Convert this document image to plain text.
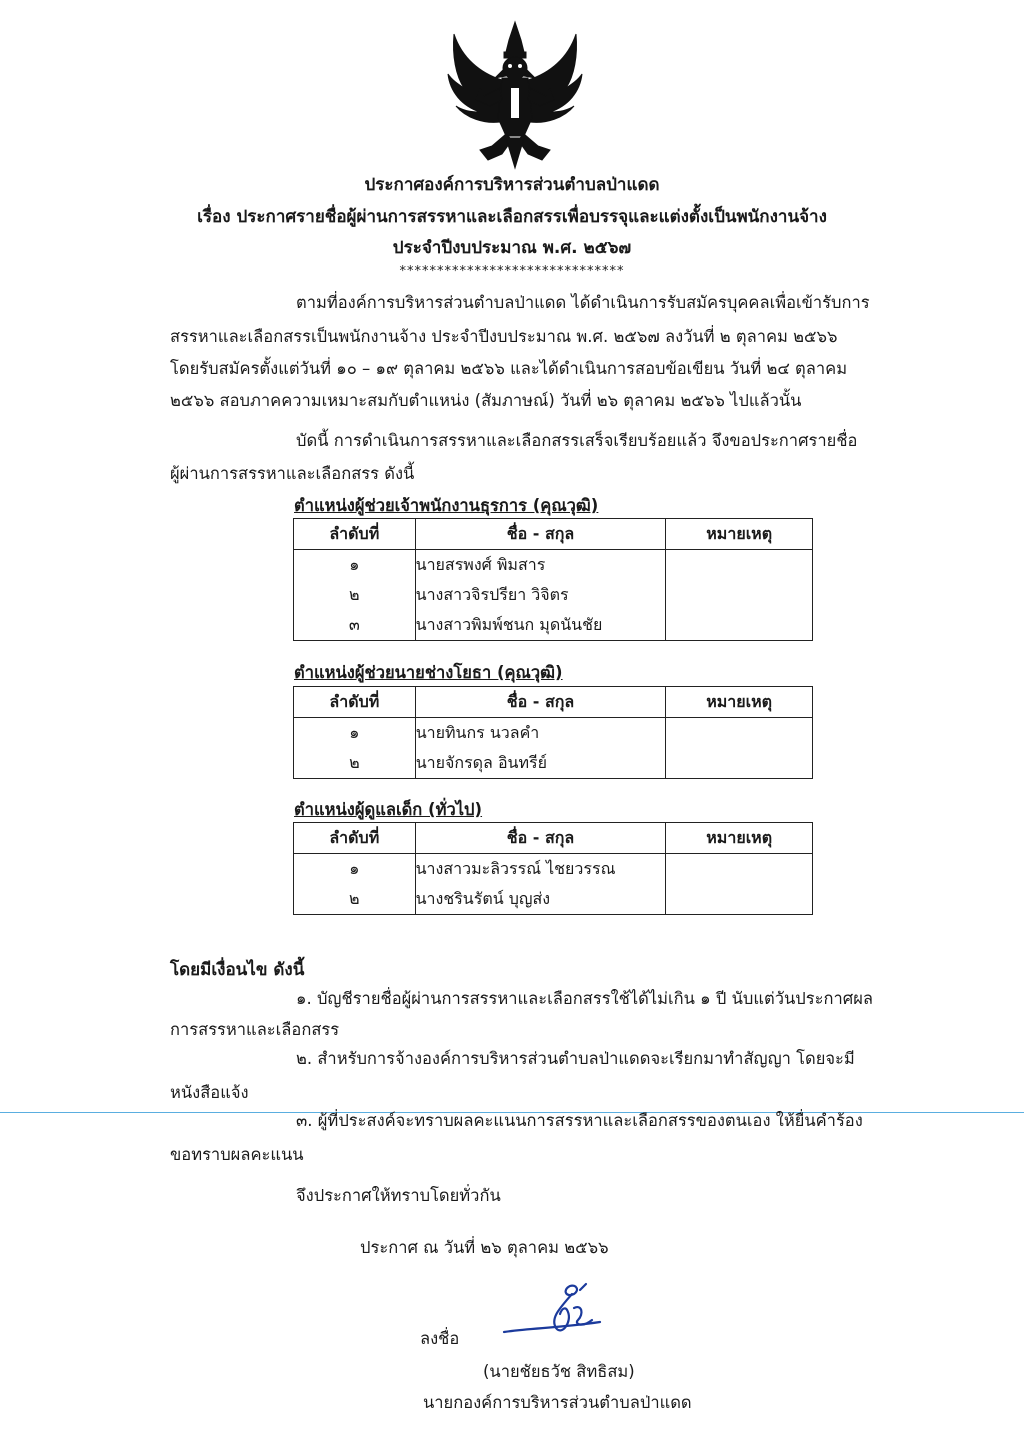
ประกาศองค์การบริหารส่วนตำบลป่าแดด
เรื่อง ประกาศรายชื่อผู้ผ่านการสรรหาและเลือกสรรเพื่อบรรจุและแต่งตั้งเป็นพนักงานจ้าง
ประจำปีงบประมาณ พ.ศ. ๒๕๖๗
******************************
ตามที่องค์การบริหารส่วนตำบลป่าแดด ได้ดำเนินการรับสมัครบุคคลเพื่อเข้ารับการ
สรรหาและเลือกสรรเป็นพนักงานจ้าง ประจำปีงบประมาณ พ.ศ. ๒๕๖๗ ลงวันที่ ๒ ตุลาคม ๒๕๖๖
โดยรับสมัครตั้งแต่วันที่ ๑๐ – ๑๙ ตุลาคม ๒๕๖๖ และได้ดำเนินการสอบข้อเขียน วันที่ ๒๔ ตุลาคม
๒๕๖๖ สอบภาคความเหมาะสมกับตำแหน่ง (สัมภาษณ์) วันที่ ๒๖ ตุลาคม ๒๕๖๖ ไปแล้วนั้น
บัดนี้ การดำเนินการสรรหาและเลือกสรรเสร็จเรียบร้อยแล้ว จึงขอประกาศรายชื่อ
ผู้ผ่านการสรรหาและเลือกสรร ดังนี้
ตำแหน่งผู้ช่วยเจ้าพนักงานธุรการ (คุณวุฒิ)
ลำดับที่	ชื่อ - สกุล	หมายเหตุ
๑	นายสรพงศ์ พิมสาร	
๒	นางสาวจิรปรียา วิจิตร	
๓	นางสาวพิมพ์ชนก มุดนันชัย	
ตำแหน่งผู้ช่วยนายช่างโยธา (คุณวุฒิ)
ลำดับที่	ชื่อ - สกุล	หมายเหตุ
๑	นายทินกร นวลคำ	
๒	นายจักรดุล อินทรีย์	
ตำแหน่งผู้ดูแลเด็ก (ทั่วไป)
ลำดับที่	ชื่อ - สกุล	หมายเหตุ
๑	นางสาวมะลิวรรณ์ ไชยวรรณ	
๒	นางชรินรัตน์ บุญส่ง	
โดยมีเงื่อนไข ดังนี้
๑. บัญชีรายชื่อผู้ผ่านการสรรหาและเลือกสรรใช้ได้ไม่เกิน ๑ ปี นับแต่วันประกาศผล
การสรรหาและเลือกสรร
๒. สำหรับการจ้างองค์การบริหารส่วนตำบลป่าแดดจะเรียกมาทำสัญญา โดยจะมี
หนังสือแจ้ง
๓. ผู้ที่ประสงค์จะทราบผลคะแนนการสรรหาและเลือกสรรของตนเอง ให้ยื่นคำร้อง
ขอทราบผลคะแนน
จึงประกาศให้ทราบโดยทั่วกัน
ประกาศ ณ วันที่ ๒๖ ตุลาคม ๒๕๖๖
ลงชื่อ
(นายชัยธวัช สิทธิสม)
นายกองค์การบริหารส่วนตำบลป่าแดด
